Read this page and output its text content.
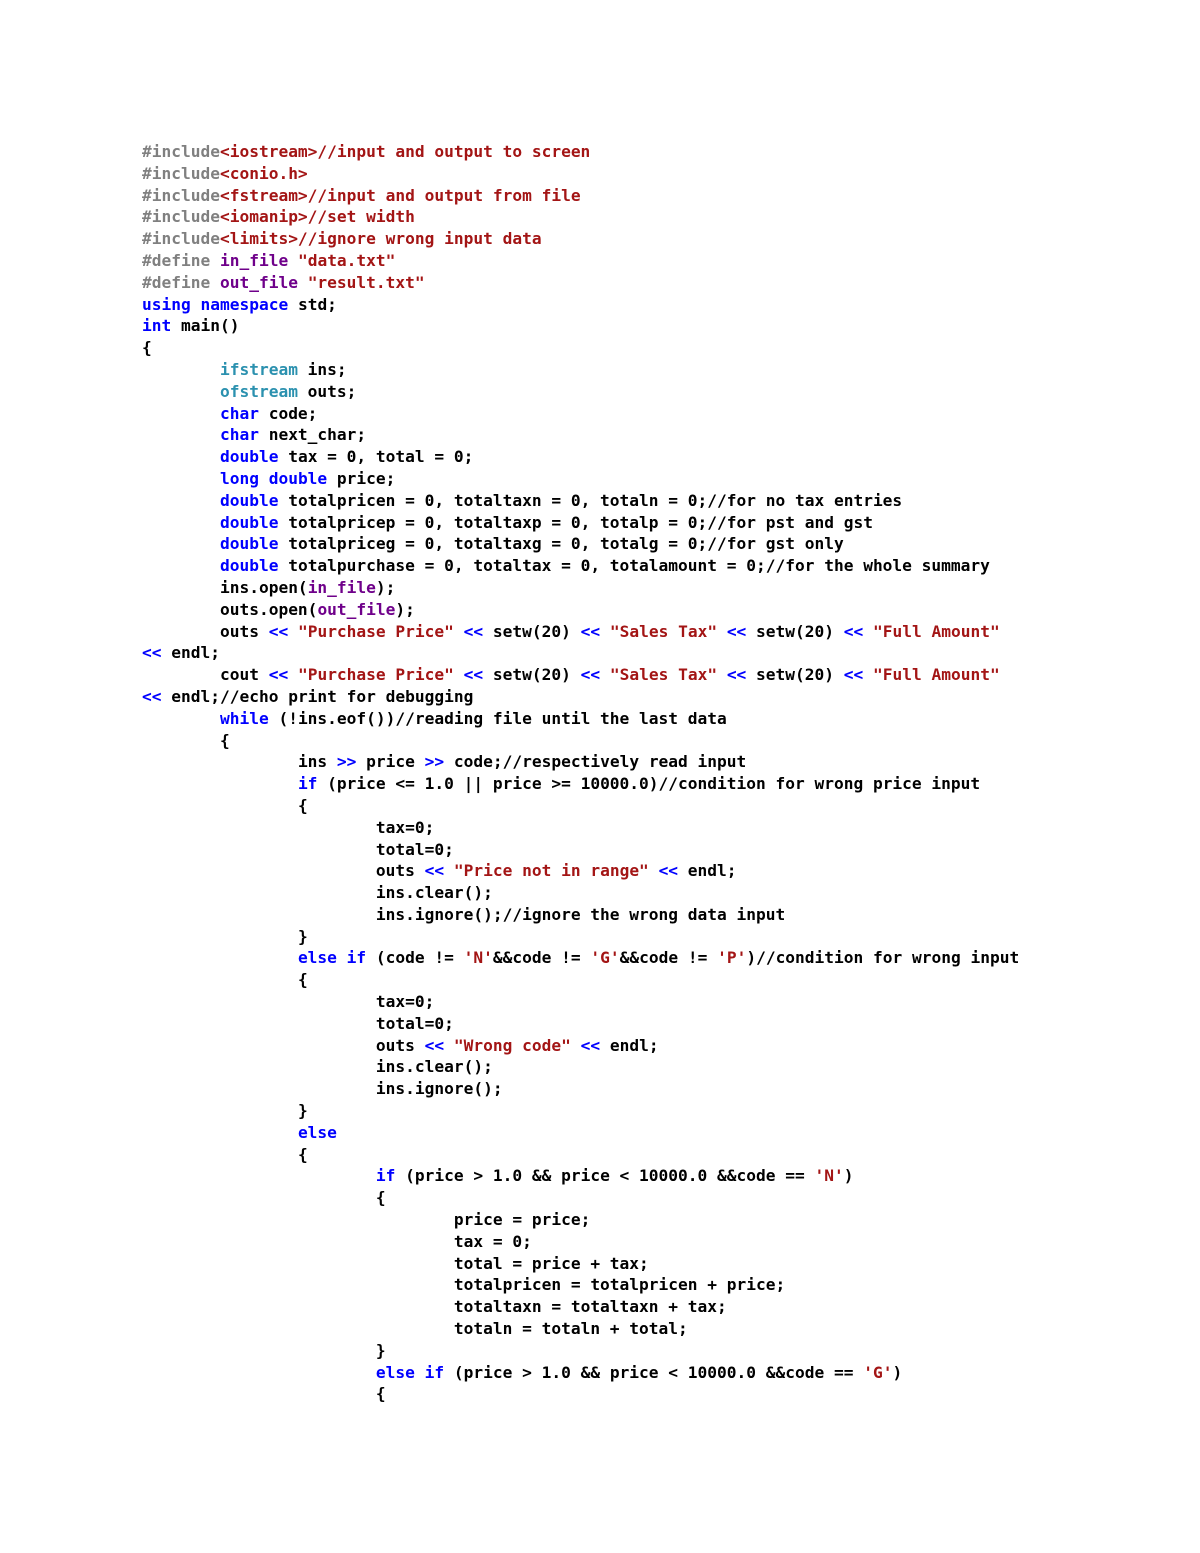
#include<iostream>//input and output to screen
#include<conio.h>
#include<fstream>//input and output from file
#include<iomanip>//set width
#include<limits>//ignore wrong input data
#define in_file "data.txt"
#define out_file "result.txt"
using namespace std;
int main()
{
	ifstream ins;
	ofstream outs;
	char code;
	char next_char;
	double tax = 0, total = 0;
	long double price;
	double totalpricen = 0, totaltaxn = 0, totaln = 0;//for no tax entries
	double totalpricep = 0, totaltaxp = 0, totalp = 0;//for pst and gst
	double totalpriceg = 0, totaltaxg = 0, totalg = 0;//for gst only
	double totalpurchase = 0, totaltax = 0, totalamount = 0;//for the whole summary
	ins.open(in_file);
	outs.open(out_file);
	outs << "Purchase Price" << setw(20) << "Sales Tax" << setw(20) << "Full Amount"
<< endl;
	cout << "Purchase Price" << setw(20) << "Sales Tax" << setw(20) << "Full Amount"
<< endl;//echo print for debugging
	while (!ins.eof())//reading file until the last data
	{
		ins >> price >> code;//respectively read input
		if (price <= 1.0 || price >= 10000.0)//condition for wrong price input
		{
			tax=0;
			total=0;
			outs << "Price not in range" << endl;
			ins.clear();
			ins.ignore();//ignore the wrong data input
		}
		else if (code != 'N'&&code != 'G'&&code != 'P')//condition for wrong input
		{
			tax=0;
			total=0;
			outs << "Wrong code" << endl;
			ins.clear();
			ins.ignore();
		}
		else
		{
			if (price > 1.0 && price < 10000.0 &&code == 'N')
			{
				price = price;
				tax = 0;
				total = price + tax;
				totalpricen = totalpricen + price;
				totaltaxn = totaltaxn + tax;
				totaln = totaln + total;
			}
			else if (price > 1.0 && price < 10000.0 &&code == 'G')
			{
